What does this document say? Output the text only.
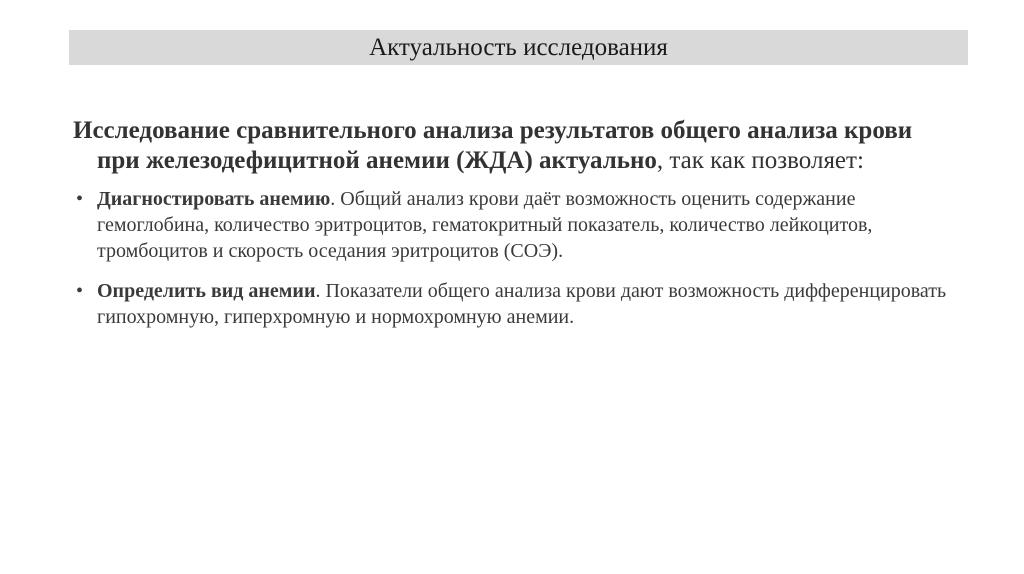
Актуальность исследования

Исследование сравнительного анализа результатов общего анализа крови при железодефицитной анемии (ЖДА) актуально, так как позволяет:

• Диагностировать анемию. Общий анализ крови даёт возможность оценить содержание гемоглобина, количество эритроцитов, гематокритный показатель, количество лейкоцитов, тромбоцитов и скорость оседания эритроцитов (СОЭ).
• Определить вид анемии. Показатели общего анализа крови дают возможность дифференцировать гипохромную, гиперхромную и нормохромную анемии.
